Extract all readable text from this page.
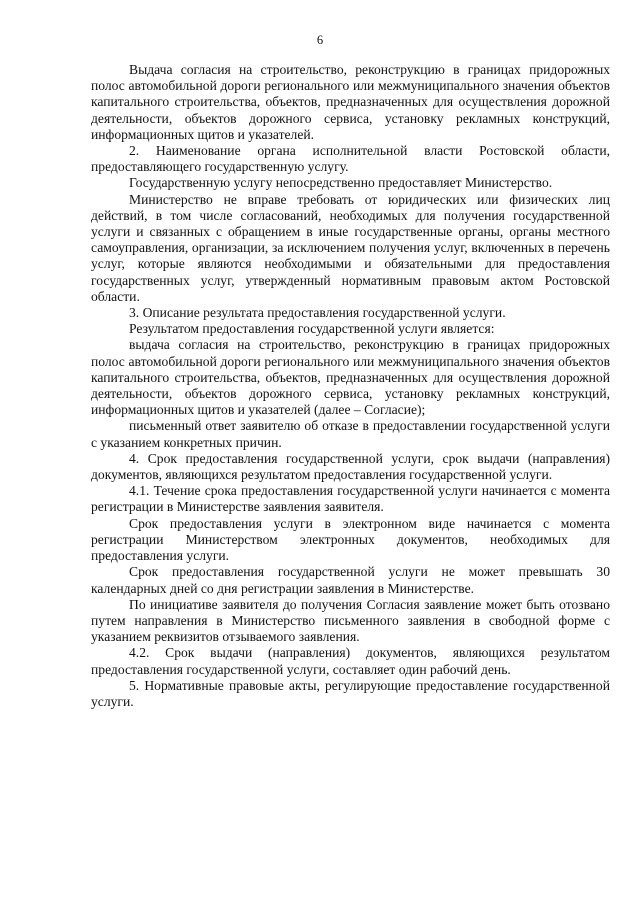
6

Выдача согласия на строительство, реконструкцию в границах придорожных полос автомобильной дороги регионального или межмуниципального значения объектов капитального строительства, объектов, предназначенных для осуществления дорожной деятельности, объектов дорожного сервиса, установку рекламных конструкций, информационных щитов и указателей.

2. Наименование органа исполнительной власти Ростовской области, предоставляющего государственную услугу.

Государственную услугу непосредственно предоставляет Министерство.

Министерство не вправе требовать от юридических или физических лиц действий, в том числе согласований, необходимых для получения государственной услуги и связанных с обращением в иные государственные органы, органы местного самоуправления, организации, за исключением получения услуг, включенных в перечень услуг, которые являются необходимыми и обязательными для предоставления государственных услуг, утвержденный нормативным правовым актом Ростовской области.

3. Описание результата предоставления государственной услуги.

Результатом предоставления государственной услуги является:

выдача согласия на строительство, реконструкцию в границах придорожных полос автомобильной дороги регионального или межмуниципального значения объектов капитального строительства, объектов, предназначенных для осуществления дорожной деятельности, объектов дорожного сервиса, установку рекламных конструкций, информационных щитов и указателей (далее – Согласие);

письменный ответ заявителю об отказе в предоставлении государственной услуги с указанием конкретных причин.

4. Срок предоставления государственной услуги, срок выдачи (направления) документов, являющихся результатом предоставления государственной услуги.

4.1. Течение срока предоставления государственной услуги начинается с момента регистрации в Министерстве заявления заявителя.

Срок предоставления услуги в электронном виде начинается с момента регистрации Министерством электронных документов, необходимых для предоставления услуги.

Срок предоставления государственной услуги не может превышать 30 календарных дней со дня регистрации заявления в Министерстве.

По инициативе заявителя до получения Согласия заявление может быть отозвано путем направления в Министерство письменного заявления в свободной форме с указанием реквизитов отзываемого заявления.

4.2. Срок выдачи (направления) документов, являющихся результатом предоставления государственной услуги, составляет один рабочий день.

5. Нормативные правовые акты, регулирующие предоставление государственной услуги.
